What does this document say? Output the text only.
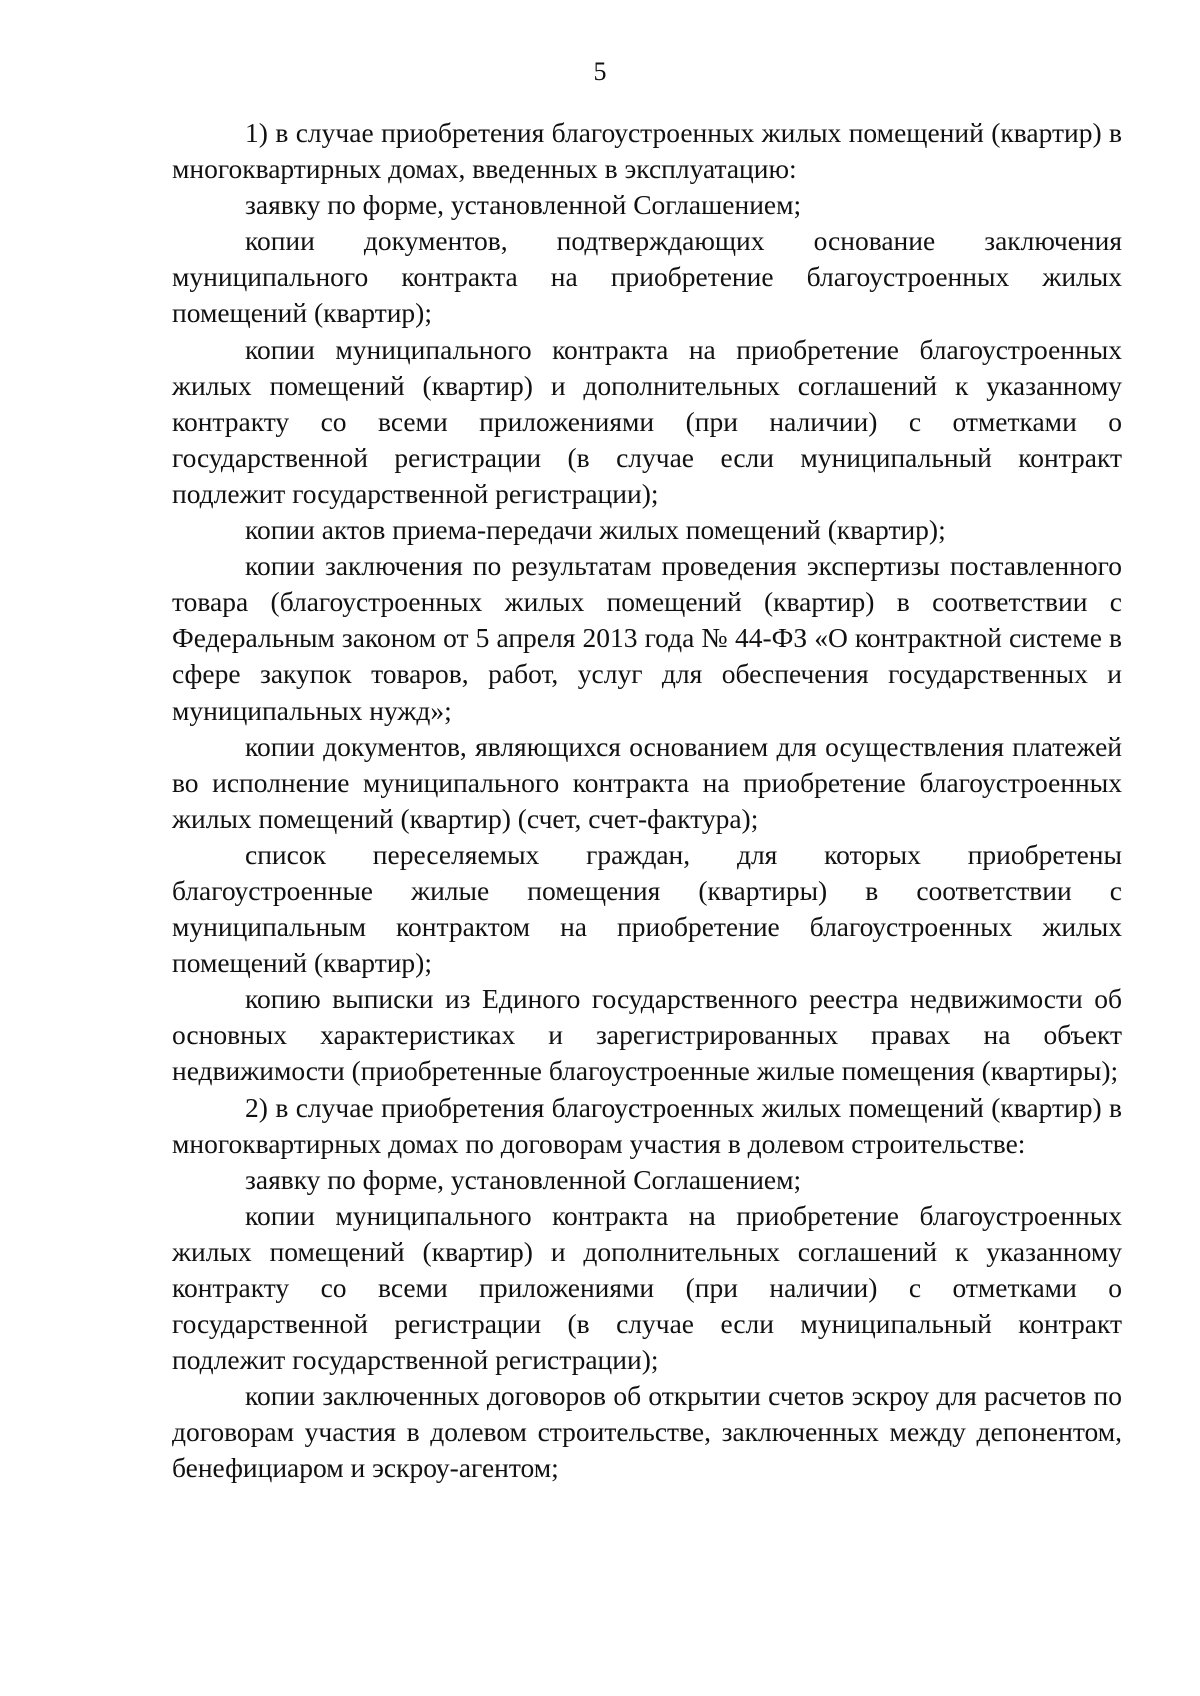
5

1) в случае приобретения благоустроенных жилых помещений (квартир) в многоквартирных домах, введенных в эксплуатацию:

заявку по форме, установленной Соглашением;

копии документов, подтверждающих основание заключения муниципального контракта на приобретение благоустроенных жилых помещений (квартир);

копии муниципального контракта на приобретение благоустроенных жилых помещений (квартир) и дополнительных соглашений к указанному контракту со всеми приложениями (при наличии) с отметками о государственной регистрации (в случае если муниципальный контракт подлежит государственной регистрации);

копии актов приема-передачи жилых помещений (квартир);

копии заключения по результатам проведения экспертизы поставленного товара (благоустроенных жилых помещений (квартир) в соответствии с Федеральным законом от 5 апреля 2013 года № 44-ФЗ «О контрактной системе в сфере закупок товаров, работ, услуг для обеспечения государственных и муниципальных нужд»;

копии документов, являющихся основанием для осуществления платежей во исполнение муниципального контракта на приобретение благоустроенных жилых помещений (квартир) (счет, счет-фактура);

список переселяемых граждан, для которых приобретены благоустроенные жилые помещения (квартиры) в соответствии с муниципальным контрактом на приобретение благоустроенных жилых помещений (квартир);

копию выписки из Единого государственного реестра недвижимости об основных характеристиках и зарегистрированных правах на объект недвижимости (приобретенные благоустроенные жилые помещения (квартиры);

2) в случае приобретения благоустроенных жилых помещений (квартир) в многоквартирных домах по договорам участия в долевом строительстве:

заявку по форме, установленной Соглашением;

копии муниципального контракта на приобретение благоустроенных жилых помещений (квартир) и дополнительных соглашений к указанному контракту со всеми приложениями (при наличии) с отметками о государственной регистрации (в случае если муниципальный контракт подлежит государственной регистрации);

копии заключенных договоров об открытии счетов эскроу для расчетов по договорам участия в долевом строительстве, заключенных между депонентом, бенефициаром и эскроу-агентом;
